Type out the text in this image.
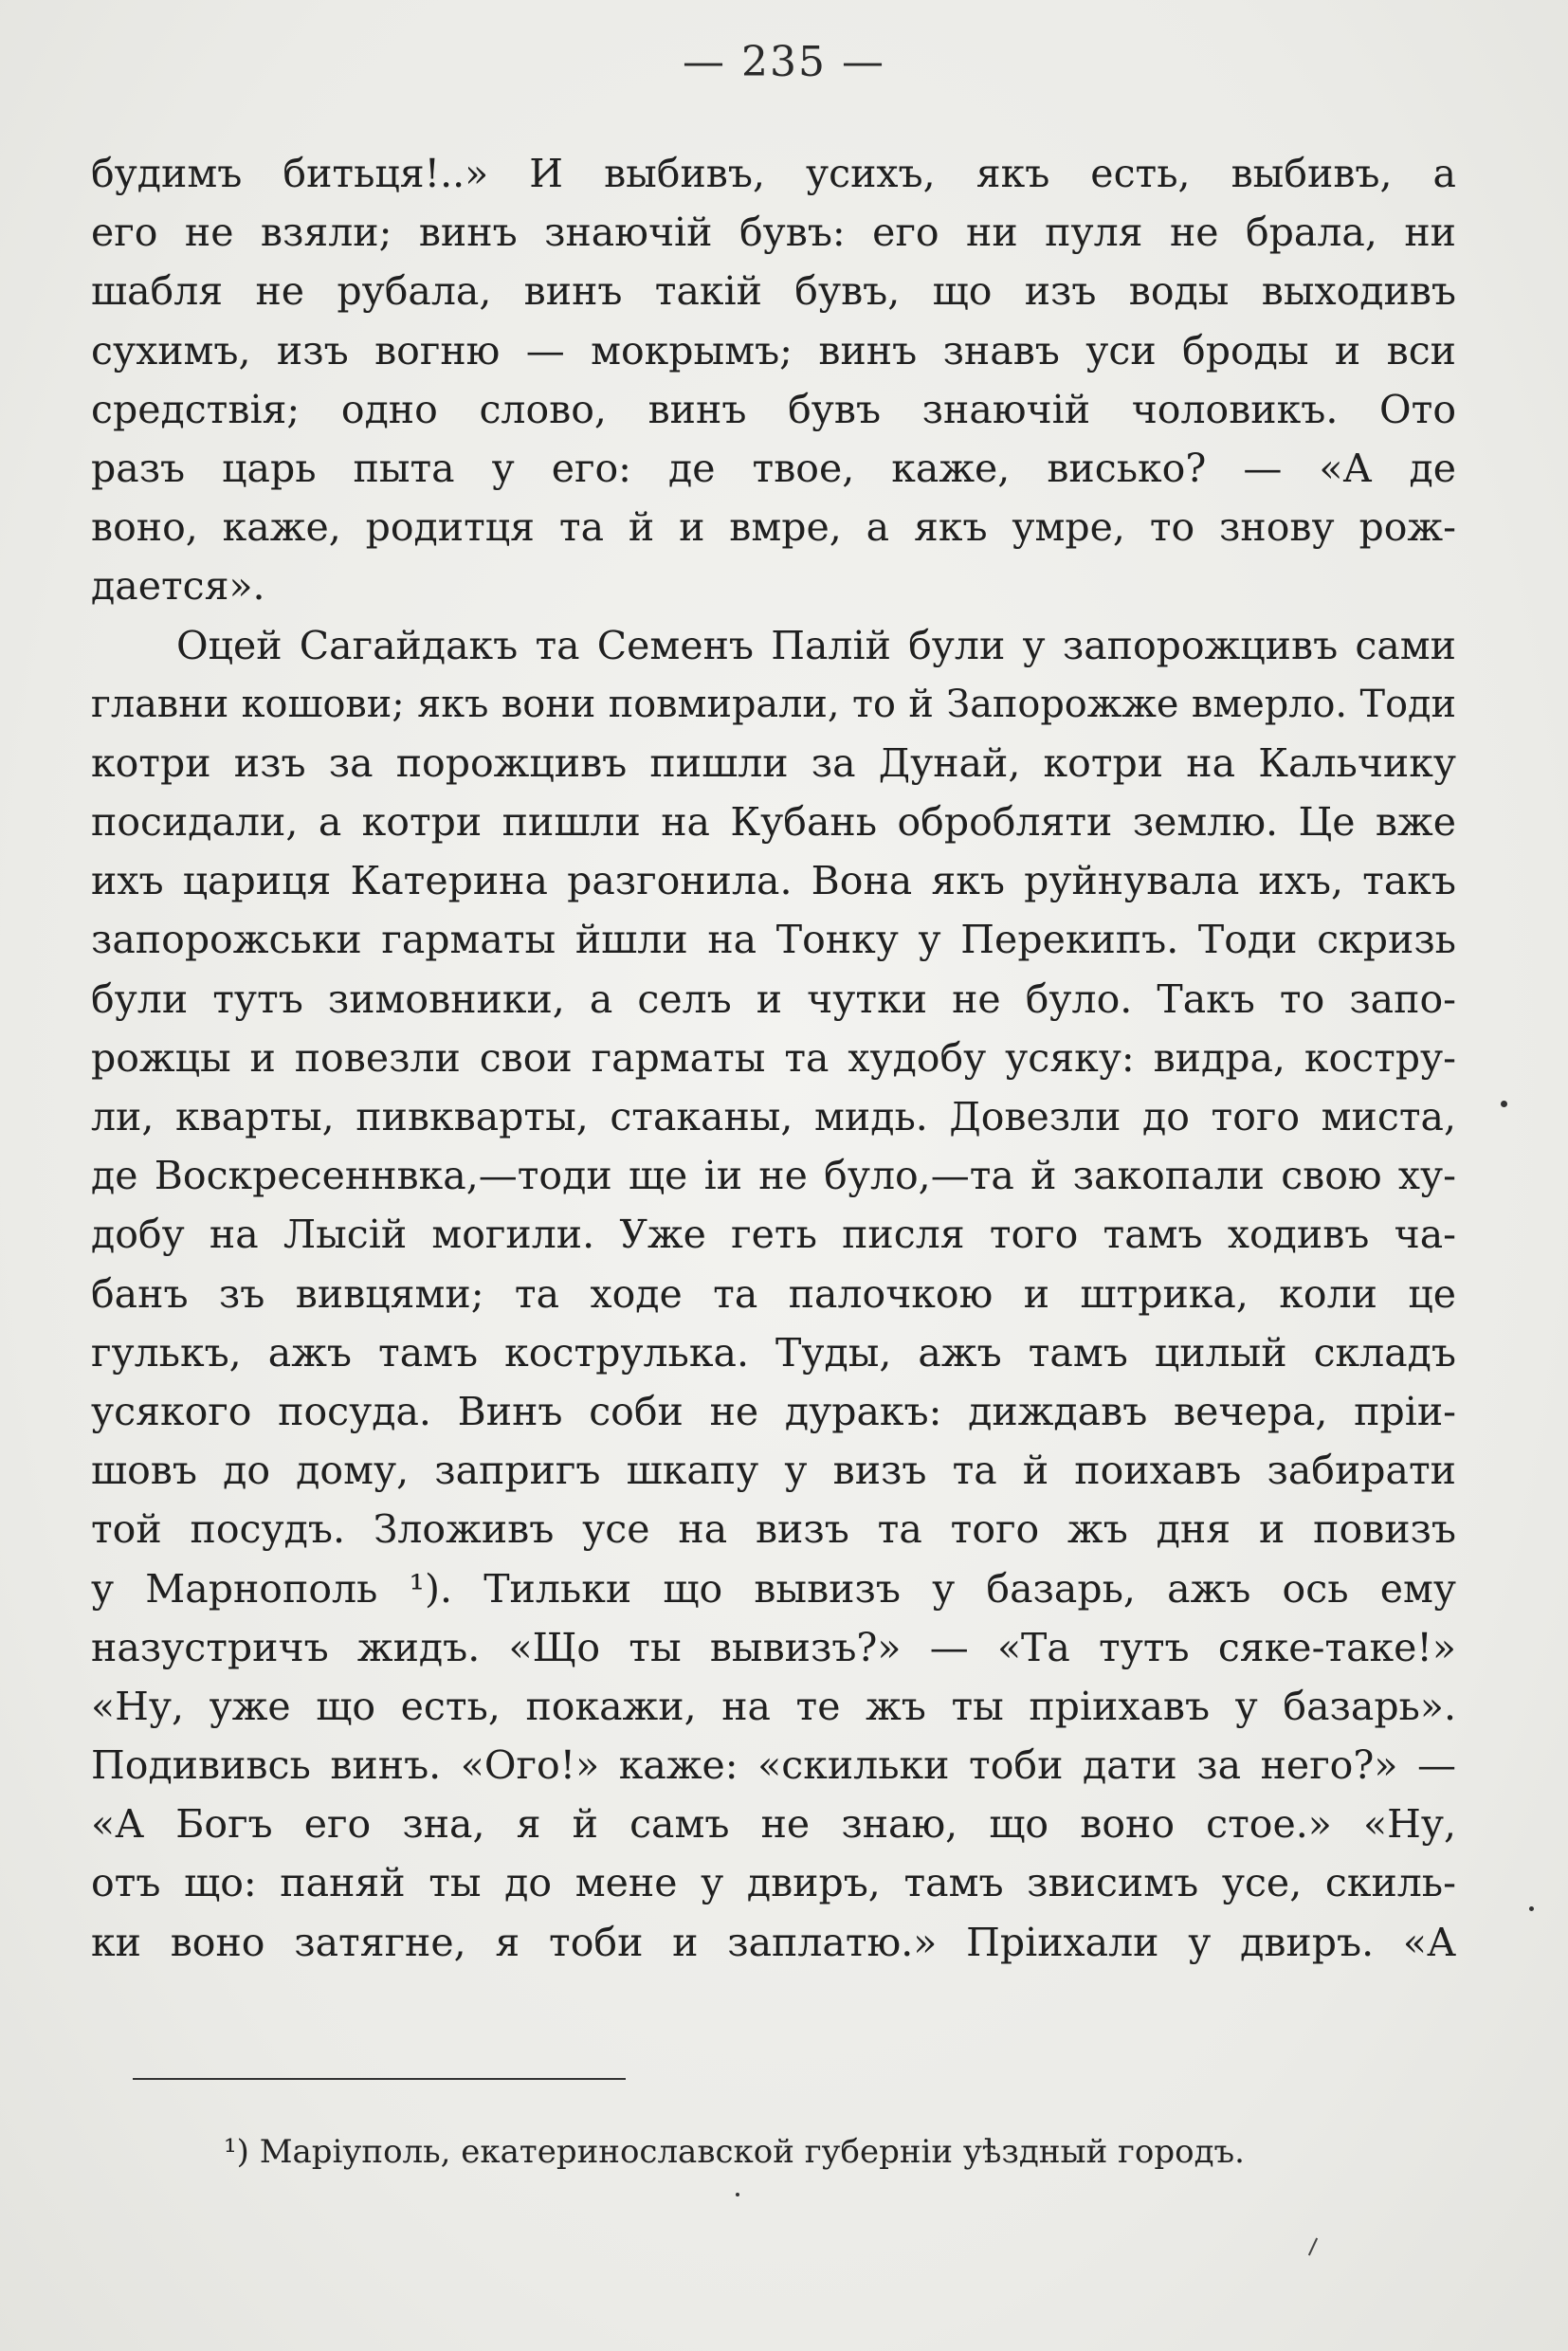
— 235 —
будимъ битьця!..» И выбивъ, усихъ, якъ есть, выбивъ, а
его не взяли; винъ знаючій бувъ: его ни пуля не брала, ни
шабля не рубала, винъ такій бувъ, що изъ воды выходивъ
сухимъ, изъ вогню — мокрымъ; винъ знавъ уси броды и вси
средствія; одно слово, винъ бувъ знаючій чоловикъ. Ото
разъ царь пыта у его: де твое, каже, висько? — «А де
воно, каже, родитця та й и вмре, а якъ умре, то знову рож-
дается».
Оцей Сагайдакъ та Семенъ Палій були у запорожцивъ сами
главни кошови; якъ вони повмирали, то й Запорожже вмерло. Тоди
котри изъ за порожцивъ пишли за Дунай, котри на Кальчику
посидали, а котри пишли на Кубань обробляти землю. Це вже
ихъ цариця Катерина разгонила. Вона якъ руйнувала ихъ, такъ
запорожськи гарматы йшли на Тонку у Перекипъ. Тоди скризь
були тутъ зимовники, а селъ и чутки не було. Такъ то запо-
рожцы и повезли свои гарматы та худобу усяку: видра, костру-
ли, кварты, пивкварты, стаканы, мидь. Довезли до того миста,
де Воскресеннвка,—тоди ще іи не було,—та й закопали свою ху-
добу на Лысій могили. Уже геть писля того тамъ ходивъ ча-
банъ зъ вивцями; та ходе та палочкою и штрика, коли це
гулькъ, ажъ тамъ кострулька. Туды, ажъ тамъ цилый складъ
усякого посуда. Винъ соби не дуракъ: диждавъ вечера, пріи-
шовъ до дому, запригъ шкапу у визъ та й поихавъ забирати
той посудъ. Зложивъ усе на визъ та того жъ дня и повизъ
у Марнополь ¹). Тильки що вывизъ у базарь, ажъ ось ему
назустричъ жидъ. «Що ты вывизъ?» — «Та тутъ сяке-таке!»
«Ну, уже що есть, покажи, на те жъ ты пріихавъ у базарь».
Подививсь винъ. «Ого!» каже: «скильки тоби дати за него?» —
«А Богъ его зна, я й самъ не знаю, що воно стое.» «Ну,
отъ що: паняй ты до мене у двиръ, тамъ звисимъ усе, скиль-
ки воно затягне, я тоби и заплатю.» Пріихали у двиръ. «А
¹) Маріуполь, екатеринославской губерніи уѣздный городъ.
